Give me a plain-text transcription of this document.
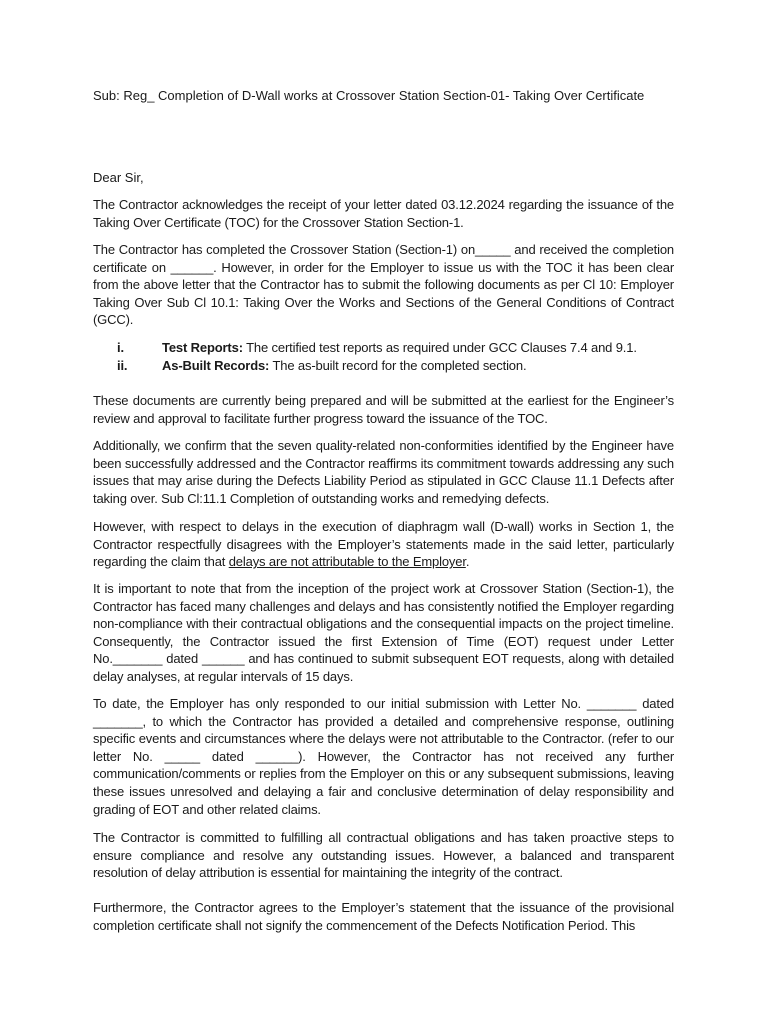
Sub: Reg_ Completion of D-Wall works at Crossover Station Section-01- Taking Over Certificate
Dear Sir,

The Contractor acknowledges the receipt of your letter dated 03.12.2024 regarding the issuance of the Taking Over Certificate (TOC) for the Crossover Station Section-1.

The Contractor has completed the Crossover Station (Section-1) on_____ and received the completion certificate on ______. However, in order for the Employer to issue us with the TOC it has been clear from the above letter that the Contractor has to submit the following documents as per Cl 10: Employer Taking Over Sub Cl 10.1: Taking Over the Works and Sections of the General Conditions of Contract (GCC).

i.	Test Reports: The certified test reports as required under GCC Clauses 7.4 and 9.1.
ii.	As-Built Records: The as-built record for the completed section.

These documents are currently being prepared and will be submitted at the earliest for the Engineer’s review and approval to facilitate further progress toward the issuance of the TOC.

Additionally, we confirm that the seven quality-related non-conformities identified by the Engineer have been successfully addressed and the Contractor reaffirms its commitment towards addressing any such issues that may arise during the Defects Liability Period as stipulated in GCC Clause 11.1 Defects after taking over. Sub Cl:11.1 Completion of outstanding works and remedying defects.

However, with respect to delays in the execution of diaphragm wall (D-wall) works in Section 1, the Contractor respectfully disagrees with the Employer’s statements made in the said letter, particularly regarding the claim that delays are not attributable to the Employer.

It is important to note that from the inception of the project work at Crossover Station (Section-1), the Contractor has faced many challenges and delays and has consistently notified the Employer regarding non-compliance with their contractual obligations and the consequential impacts on the project timeline. Consequently, the Contractor issued the first Extension of Time (EOT) request under Letter No._______ dated ______ and has continued to submit subsequent EOT requests, along with detailed delay analyses, at regular intervals of 15 days.

To date, the Employer has only responded to our initial submission with Letter No. _______ dated _______, to which the Contractor has provided a detailed and comprehensive response, outlining specific events and circumstances where the delays were not attributable to the Contractor. (refer to our letter No. _____ dated ______). However, the Contractor has not received any further communication/comments or replies from the Employer on this or any subsequent submissions, leaving these issues unresolved and delaying a fair and conclusive determination of delay responsibility and grading of EOT and other related claims.

The Contractor is committed to fulfilling all contractual obligations and has taken proactive steps to ensure compliance and resolve any outstanding issues. However, a balanced and transparent resolution of delay attribution is essential for maintaining the integrity of the contract.

Furthermore, the Contractor agrees to the Employer’s statement that the issuance of the provisional completion certificate shall not signify the commencement of the Defects Notification Period. This
